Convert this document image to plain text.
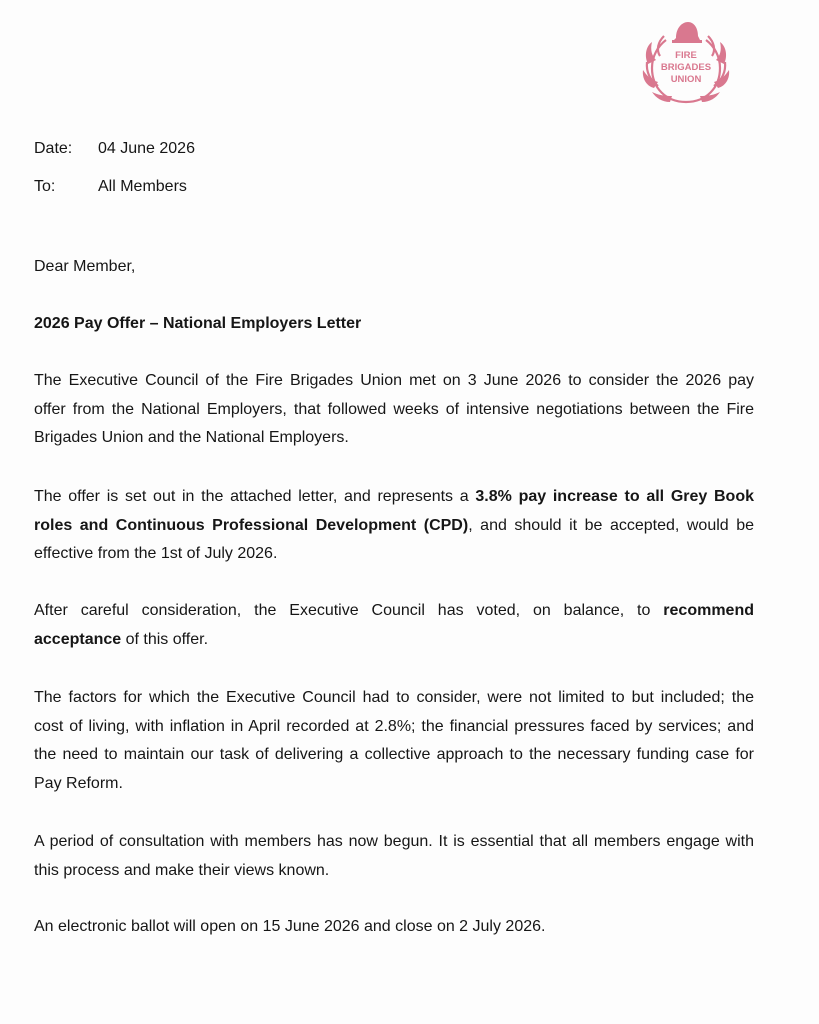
FIRE
BRIGADES
UNION
Date: 04 June 2026
To:	All Members
Dear Member,
2026 Pay Offer – National Employers Letter
The Executive Council of the Fire Brigades Union met on 3 June 2026 to consider the 2026 pay
offer from the National Employers, that followed weeks of intensive negotiations between the Fire
Brigades Union and the National Employers.
The offer is set out in the attached letter, and represents a 3.8% pay increase to all Grey Book
roles and Continuous Professional Development (CPD), and should it be accepted, would be
effective from the 1st of July 2026.
After careful consideration, the Executive Council has voted, on balance, to recommend
acceptance of this offer.
The factors for which the Executive Council had to consider, were not limited to but included; the
cost of living, with inflation in April recorded at 2.8%; the financial pressures faced by services; and
the need to maintain our task of delivering a collective approach to the necessary funding case for
Pay Reform.
A period of consultation with members has now begun. It is essential that all members engage with
this process and make their views known.
An electronic ballot will open on 15 June 2026 and close on 2 July 2026.
